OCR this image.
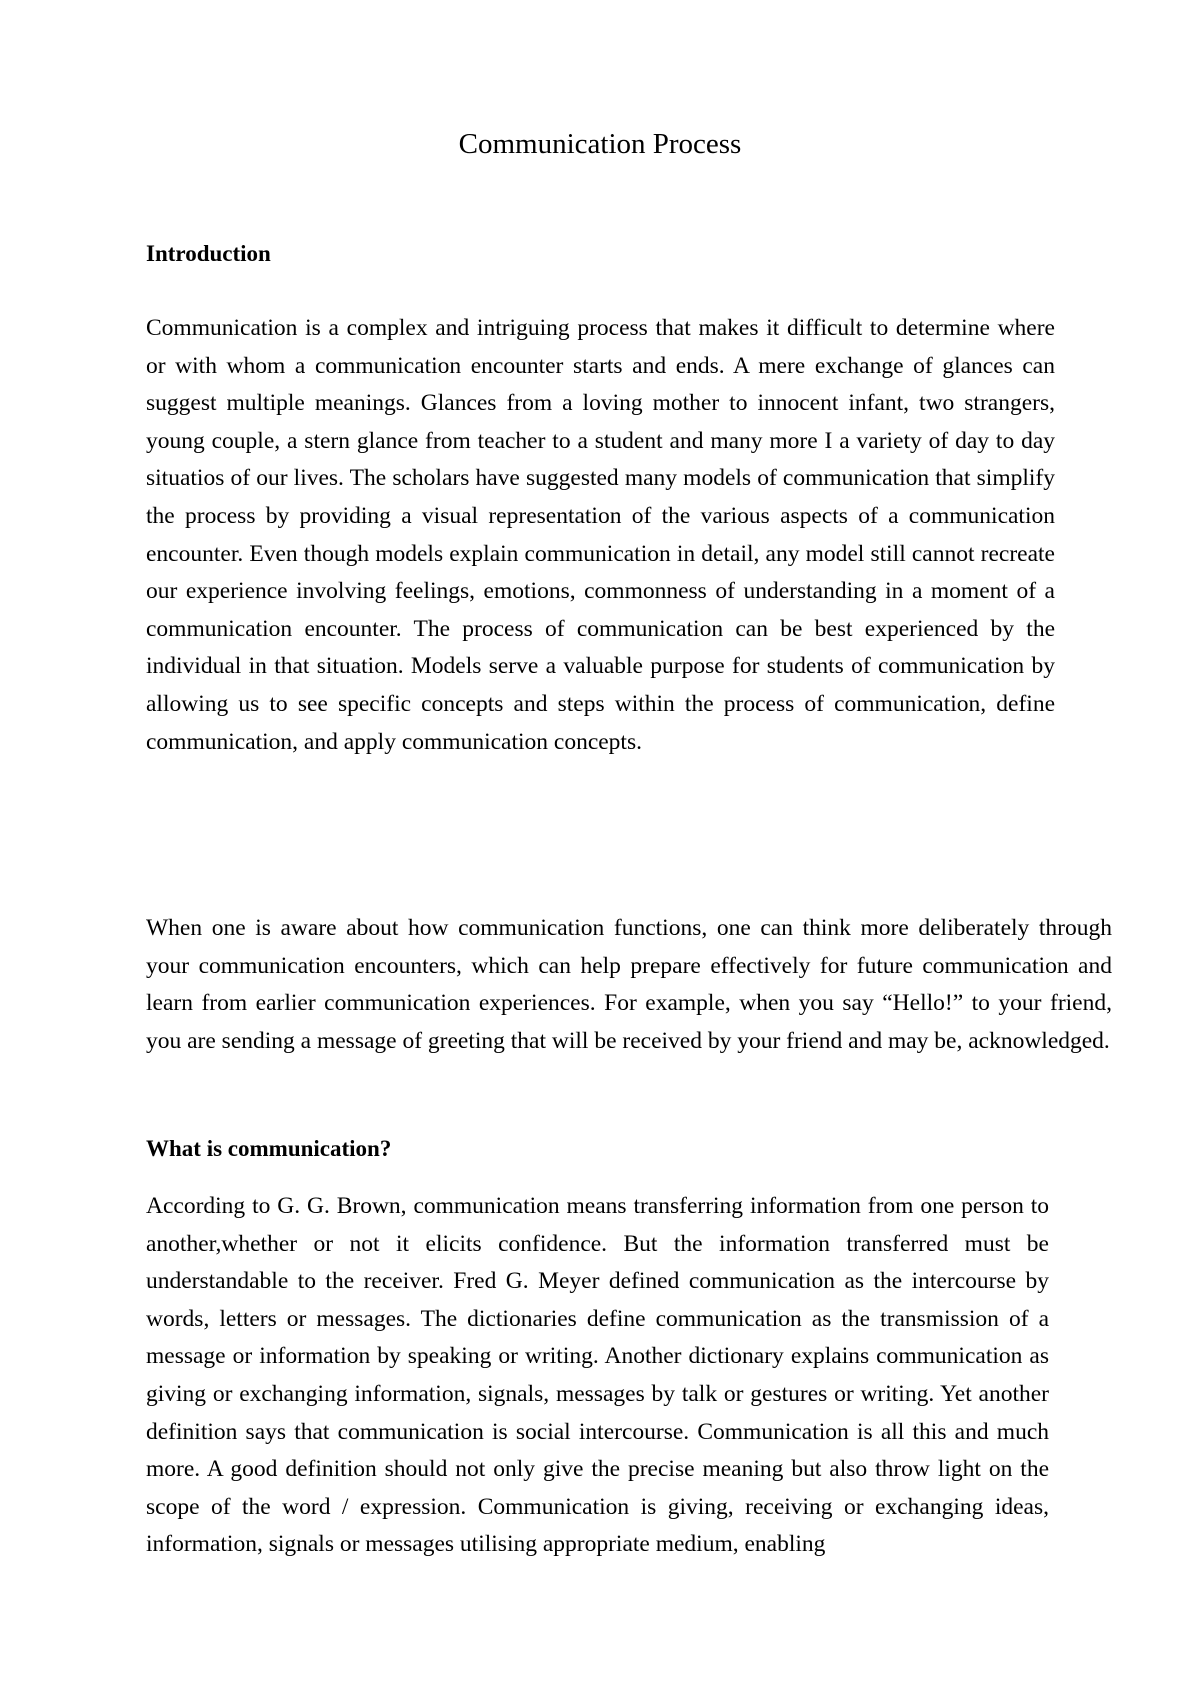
Communication Process
Introduction

Communication is a complex and intriguing process that makes it difficult to determine where or with whom a communication encounter starts and ends. A mere exchange of glances can suggest multiple meanings. Glances from a loving mother to innocent infant, two strangers, young couple, a stern glance from teacher to a student and many more I a variety of day to day situatios of our lives. The scholars have suggested many models of communication that simplify the process by providing a visual representation of the various aspects of a communication encounter. Even though models explain communication in detail, any model still cannot recreate our experience involving feelings, emotions, commonness of understanding in a moment of a communication encounter. The process of communication can be best experienced by the individual in that situation. Models serve a valuable purpose for students of communication by allowing us to see specific concepts and steps within the process of communication, define communication, and apply communication concepts.

When one is aware about how communication functions, one can think more deliberately through your communication encounters, which can help prepare effectively for future communication and learn from earlier communication experiences. For example, when you say “Hello!” to your friend, you are sending a message of greeting that will be received by your friend and may be, acknowledged.

What is communication?

According to G. G. Brown, communication means transferring information from one person to another,whether or not it elicits confidence. But the information transferred must be understandable to the receiver. Fred G. Meyer defined communication as the intercourse by words, letters or messages. The dictionaries define communication as the transmission of a message or information by speaking or writing. Another dictionary explains communication as giving or exchanging information, signals, messages by talk or gestures or writing. Yet another definition says that communication is social intercourse. Communication is all this and much more. A good definition should not only give the precise meaning but also throw light on the scope of the word / expression. Communication is giving, receiving or exchanging ideas, information, signals or messages utilising appropriate medium, enabling
